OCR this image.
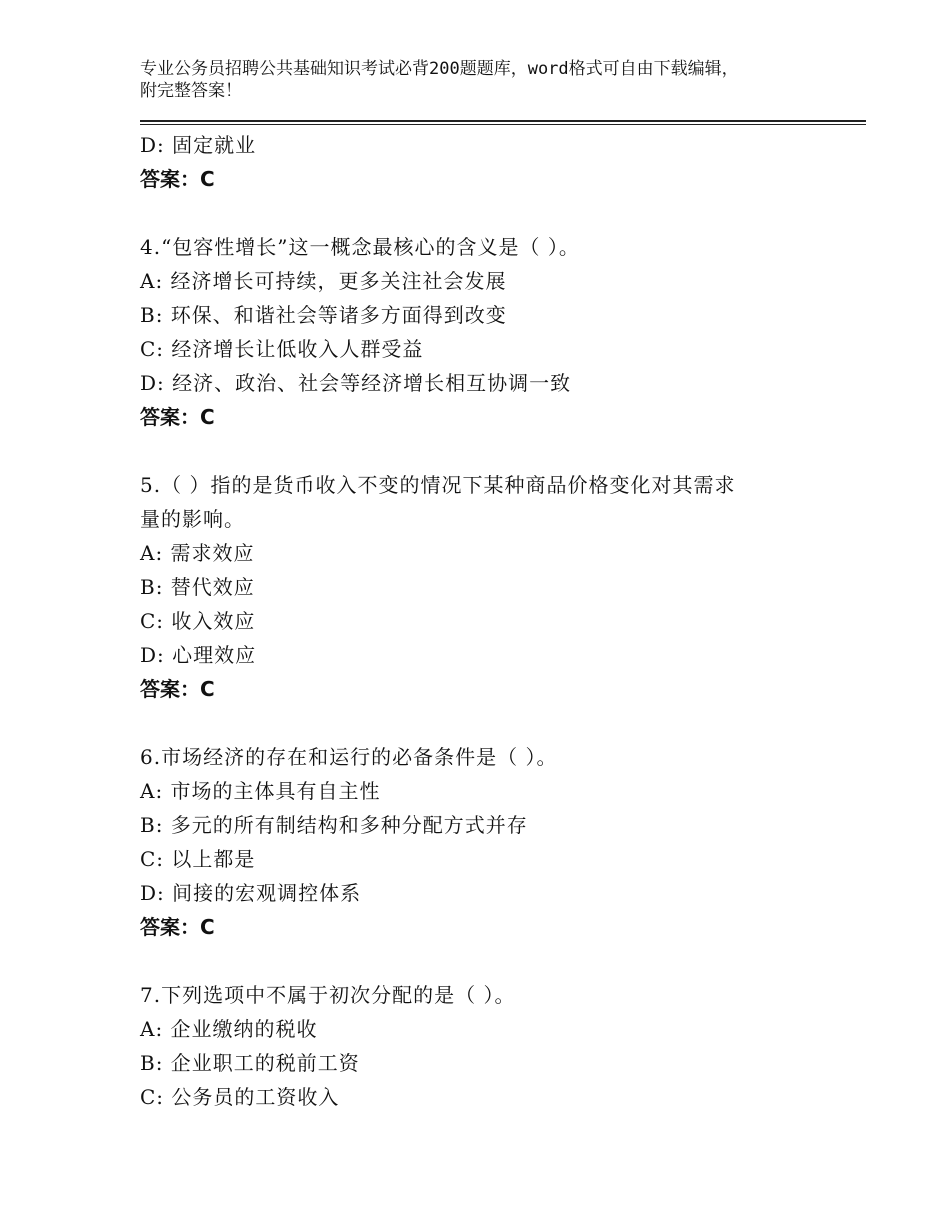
专业公务员招聘公共基础知识考试必背200题题库，word格式可自由下载编辑，
附完整答案！
D: 固定就业
答案：C
4.“包容性增长”这一概念最核心的含义是（ ）。
A: 经济增长可持续，更多关注社会发展
B: 环保、和谐社会等诸多方面得到改变
C: 经济增长让低收入人群受益
D: 经济、政治、社会等经济增长相互协调一致
答案：C
5.（ ）指的是货币收入不变的情况下某种商品价格变化对其需求
量的影响。
A: 需求效应
B: 替代效应
C: 收入效应
D: 心理效应
答案：C
6.市场经济的存在和运行的必备条件是（ ）。
A: 市场的主体具有自主性
B: 多元的所有制结构和多种分配方式并存
C: 以上都是
D: 间接的宏观调控体系
答案：C
7.下列选项中不属于初次分配的是（ ）。
A: 企业缴纳的税收
B: 企业职工的税前工资
C: 公务员的工资收入
